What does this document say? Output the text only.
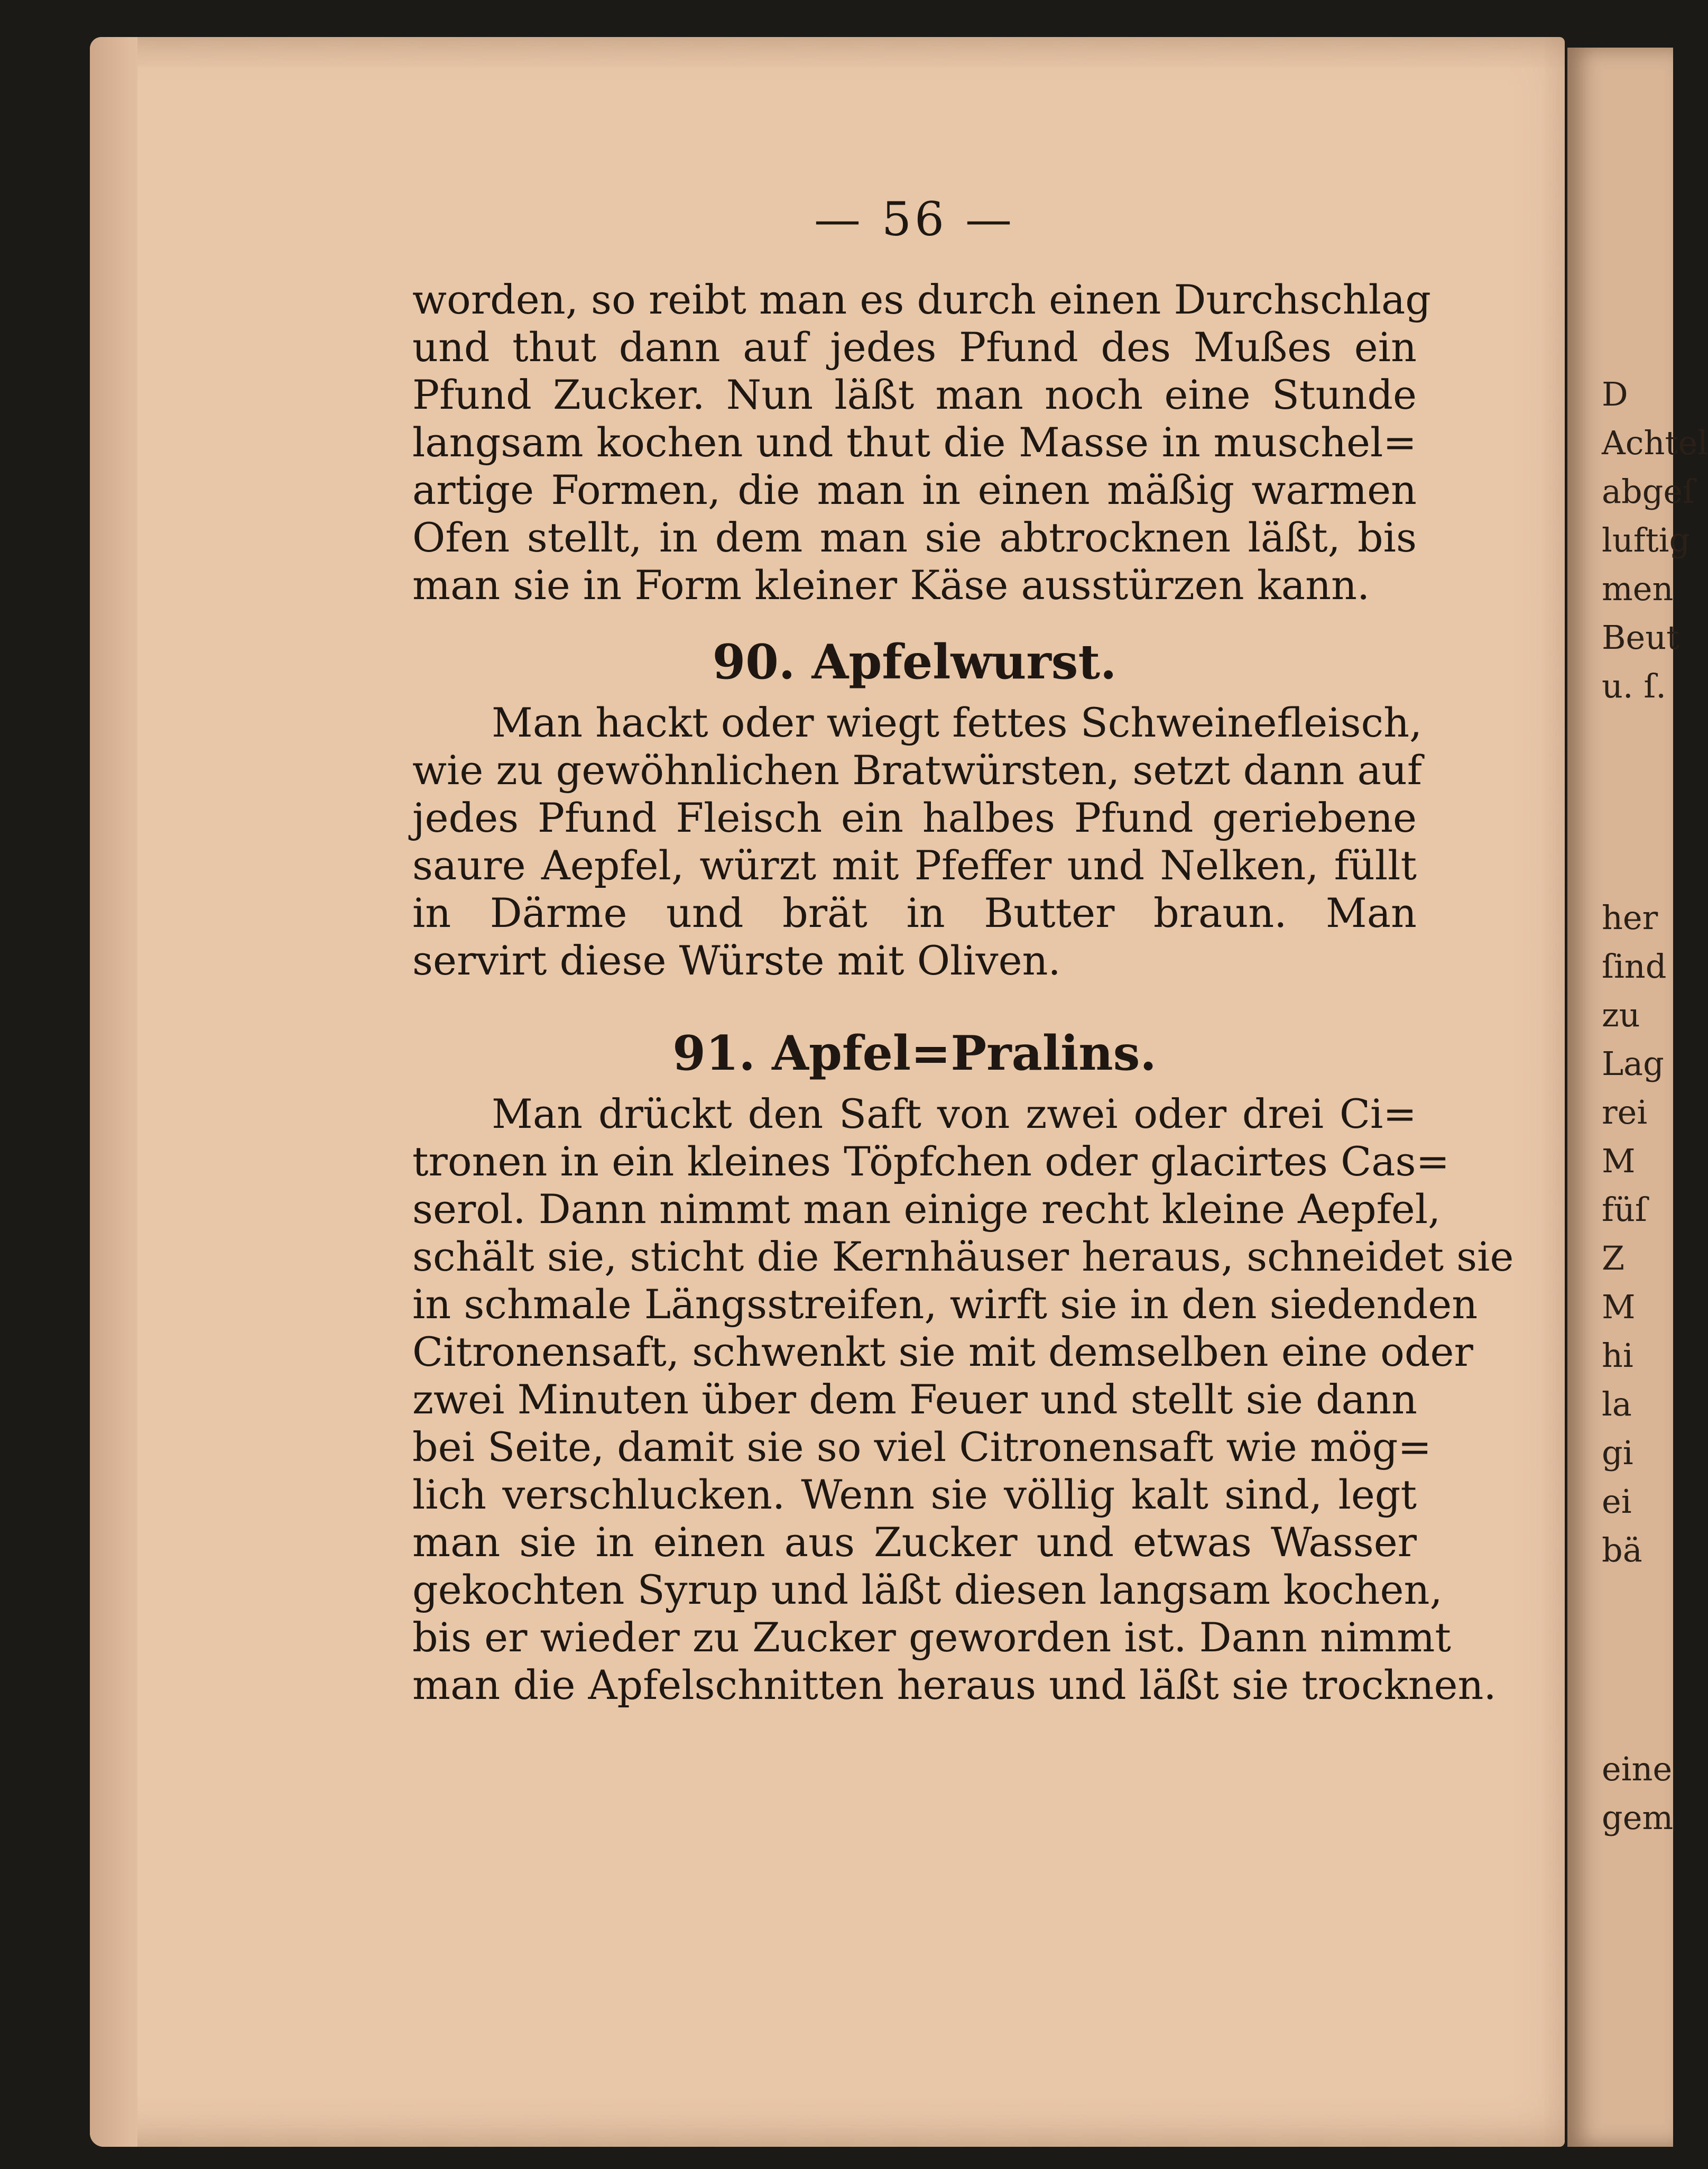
D
Achtel
abgeſ
luftig
men
Beut
u. ſ.
her
ſind
zu
Lag
rei
M
füſ
Z
M
hi
la
gi
ei
bä
eine
gem
— 56 —
worden, so reibt man es durch einen Durchschlag
und thut dann auf jedes Pfund des Mußes ein
Pfund Zucker. Nun läßt man noch eine Stunde
langsam kochen und thut die Masse in muschel=
artige Formen, die man in einen mäßig warmen
Ofen stellt, in dem man sie abtrocknen läßt, bis
man sie in Form kleiner Käse ausstürzen kann.
90. Apfelwurst.
Man hackt oder wiegt fettes Schweinefleisch,
wie zu gewöhnlichen Bratwürsten, setzt dann auf
jedes Pfund Fleisch ein halbes Pfund geriebene
saure Aepfel, würzt mit Pfeffer und Nelken, füllt
in Därme und brät in Butter braun. Man
servirt diese Würste mit Oliven.
91. Apfel=Pralins.
Man drückt den Saft von zwei oder drei Ci=
tronen in ein kleines Töpfchen oder glacirtes Cas=
serol. Dann nimmt man einige recht kleine Aepfel,
schält sie, sticht die Kernhäuser heraus, schneidet sie
in schmale Längsstreifen, wirft sie in den siedenden
Citronensaft, schwenkt sie mit demselben eine oder
zwei Minuten über dem Feuer und stellt sie dann
bei Seite, damit sie so viel Citronensaft wie mög=
lich verschlucken. Wenn sie völlig kalt sind, legt
man sie in einen aus Zucker und etwas Wasser
gekochten Syrup und läßt diesen langsam kochen,
bis er wieder zu Zucker geworden ist. Dann nimmt
man die Apfelschnitten heraus und läßt sie trocknen.
